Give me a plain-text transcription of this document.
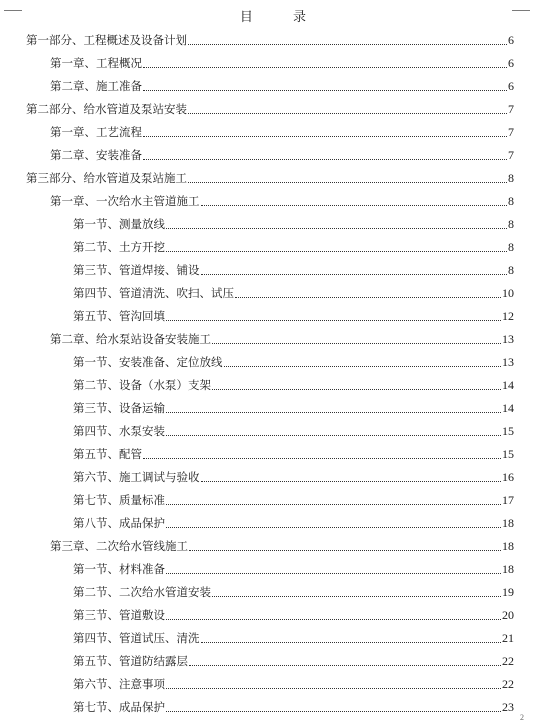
目 录
第一部分、工程概述及设备计划	6
第一章、工程概况	6
第二章、施工准备	6
第二部分、给水管道及泵站安装	7
第一章、工艺流程	7
第二章、安装准备	7
第三部分、给水管道及泵站施工	8
第一章、一次给水主管道施工	8
第一节、测量放线	8
第二节、土方开挖	8
第三节、管道焊接、铺设	8
第四节、管道清洗、吹扫、试压	10
第五节、管沟回填	12
第二章、给水泵站设备安装施工	13
第一节、安装准备、定位放线	13
第二节、设备（水泵）支架	14
第三节、设备运输	14
第四节、水泵安装	15
第五节、配管	15
第六节、施工调试与验收	16
第七节、质量标准	17
第八节、成品保护	18
第三章、二次给水管线施工	18
第一节、材料准备	18
第二节、二次给水管道安装	19
第三节、管道敷设	20
第四节、管道试压、清洗	21
第五节、管道防结露层	22
第六节、注意事项	22
第七节、成品保护	23
2
